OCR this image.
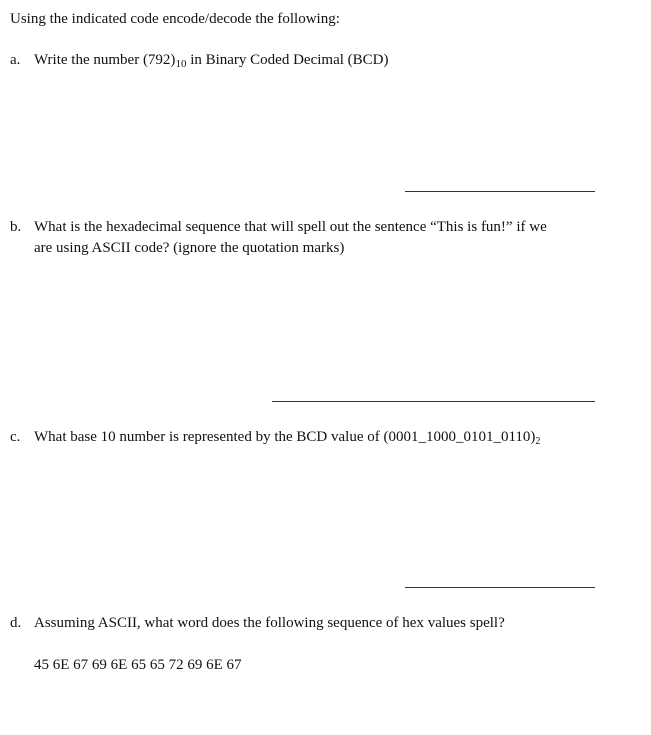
Using the indicated code encode/decode the following:
a. Write the number $(792)_{10}$ in Binary Coded Decimal (BCD)
b. What is the hexadecimal sequence that will spell out the sentence “This is fun!” if we
are using ASCII code? (ignore the quotation marks)
c. What base 10 number is represented by the BCD value of $(0001\_1000\_0101\_0110)_2$
d. Assuming ASCII, what word does the following sequence of hex values spell?
45 6E 67 69 6E 65 65 72 69 6E 67
